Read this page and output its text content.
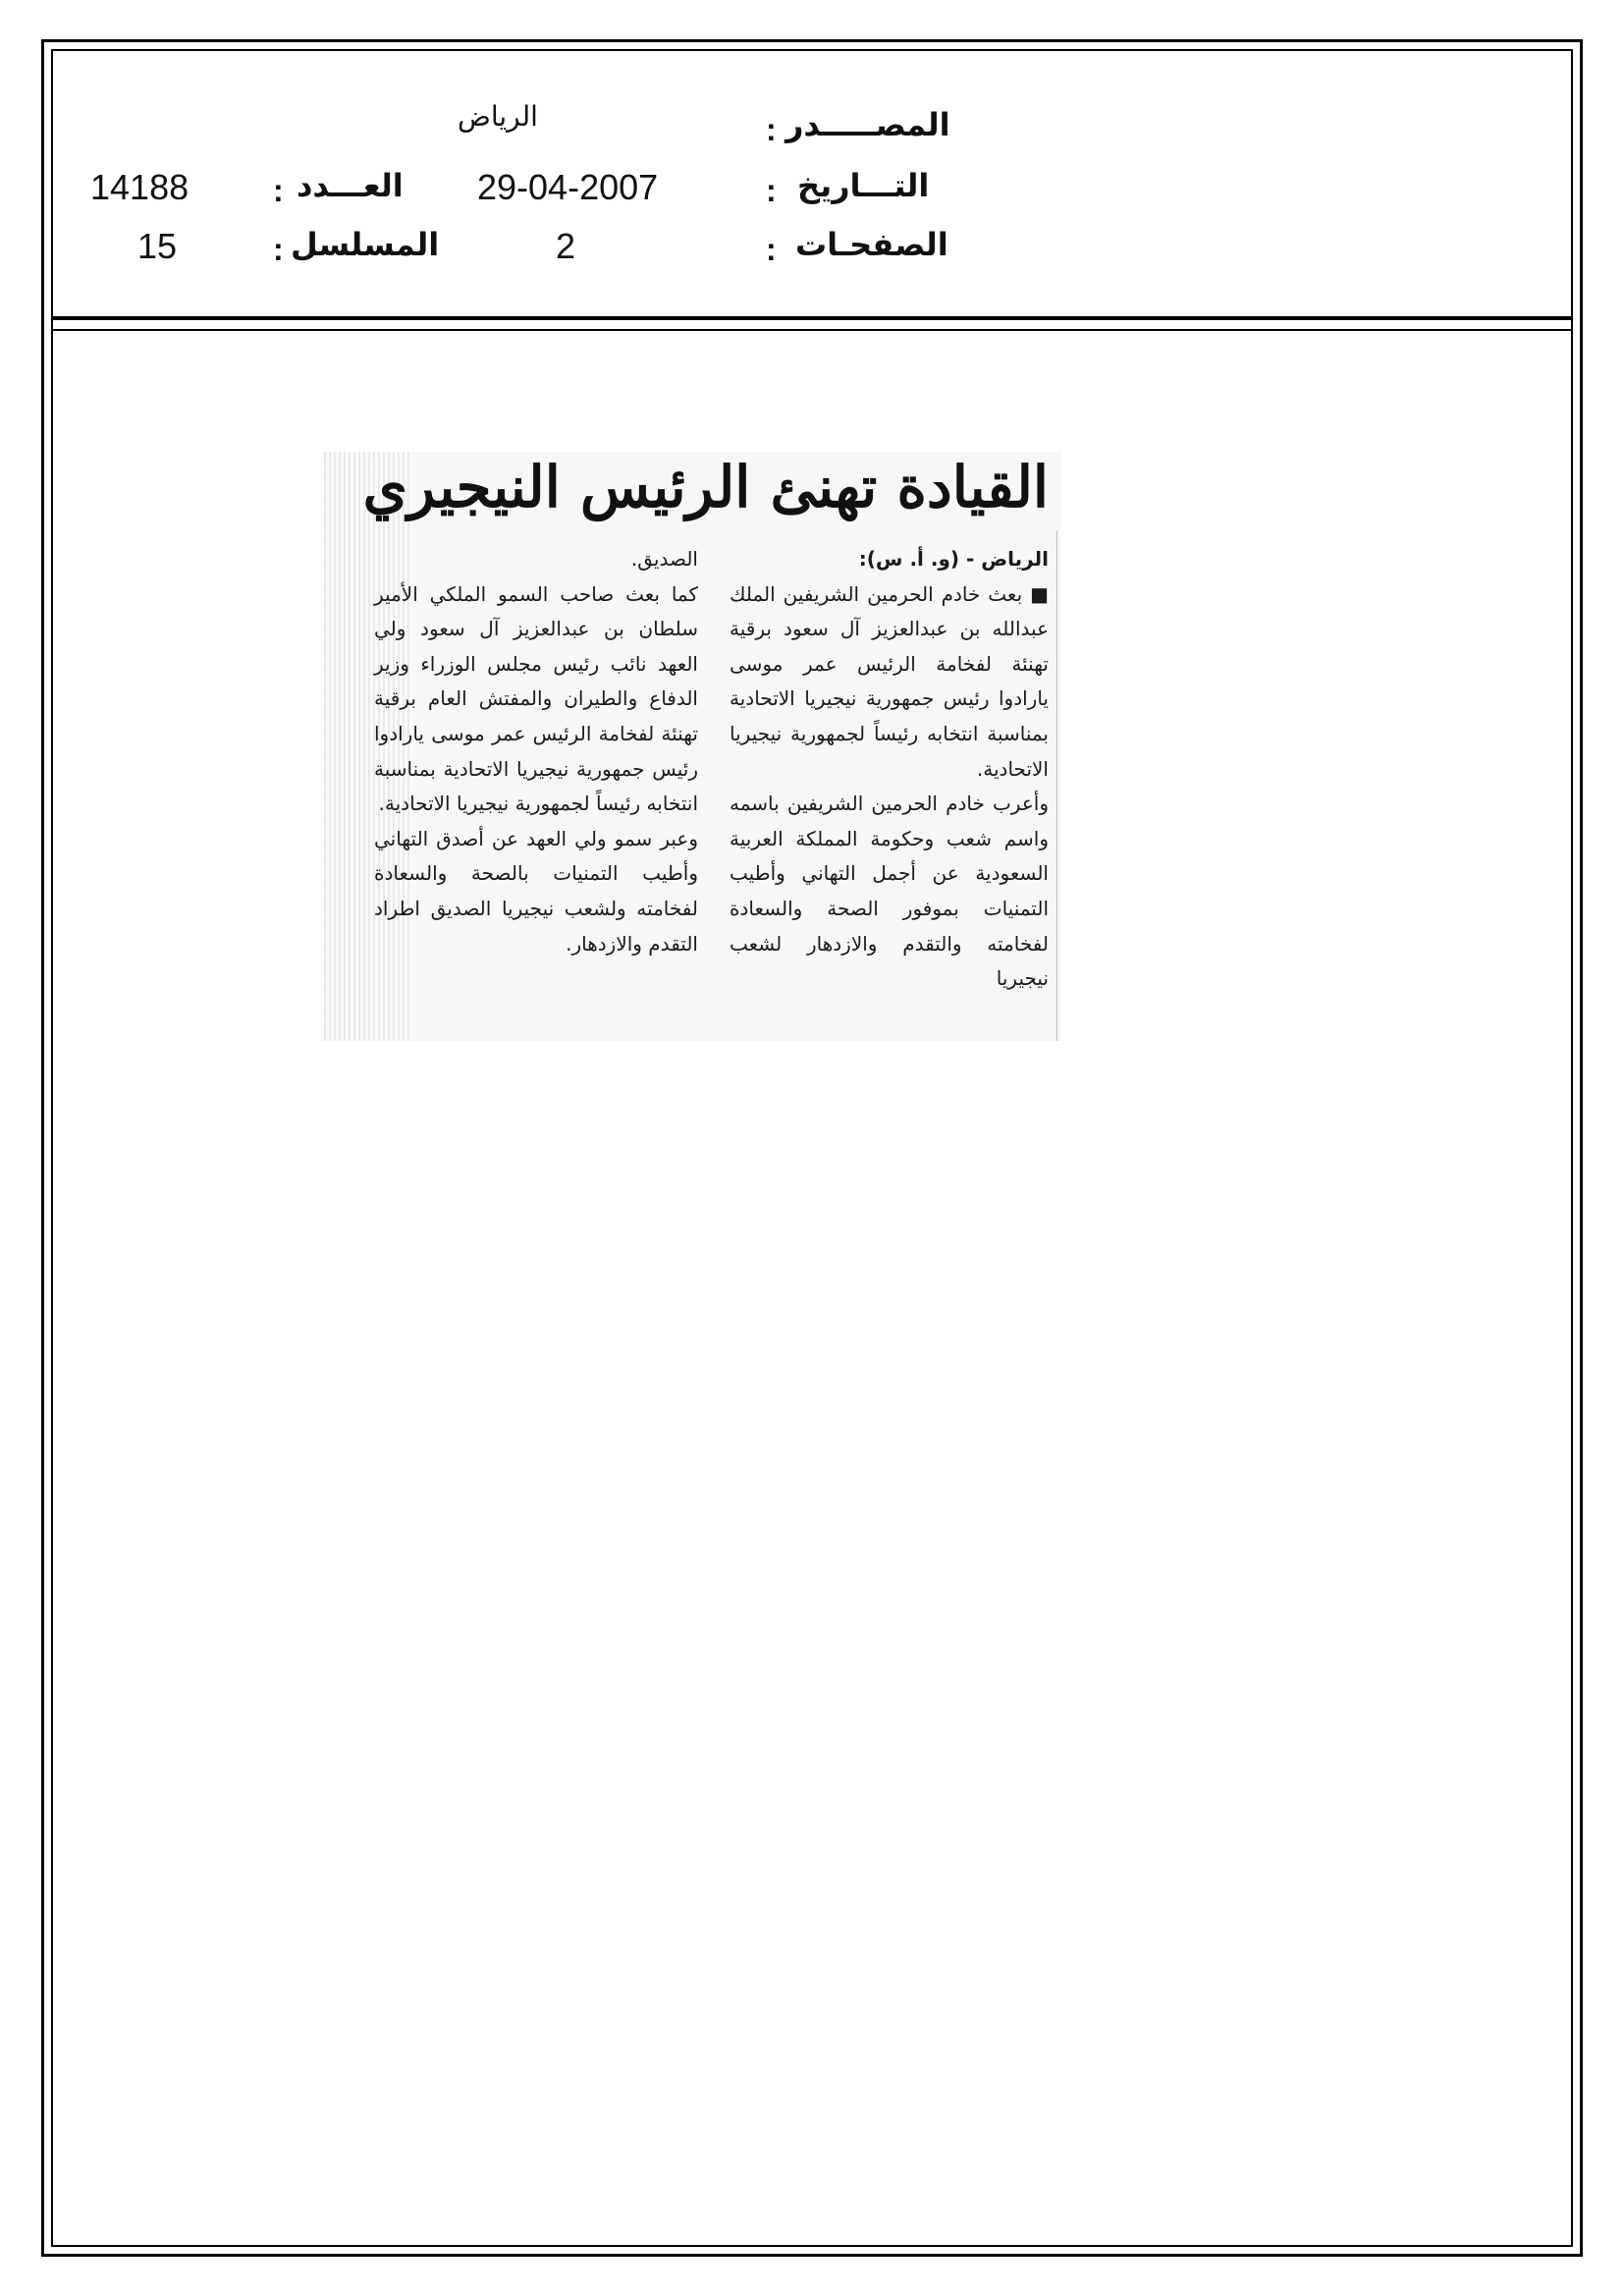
المصـــــدر
:
الرياض
التـــاريخ
:
29-04-2007
العـــدد
:
14188
الصفحـات
:
2
المسلسل
:
15
القيادة تهنئ الرئيس النيجيري

الرياض - (و. أ. س):

■ بعث خادم الحرمين الشريفين الملك عبدالله بن عبدالعزيز آل سعود برقية تهنئة لفخامة الرئيس عمر موسى يارادوا رئيس جمهورية نيجيريا الاتحادية بمناسبة انتخابه رئيساً لجمهورية نيجيريا الاتحادية.

وأعرب خادم الحرمين الشريفين باسمه واسم شعب وحكومة المملكة العربية السعودية عن أجمل التهاني وأطيب التمنيات بموفور الصحة والسعادة لفخامته والتقدم والازدهار لشعب نيجيريا

الصديق.

كما بعث صاحب السمو الملكي الأمير سلطان بن عبدالعزيز آل سعود ولي العهد نائب رئيس مجلس الوزراء وزير الدفاع والطيران والمفتش العام برقية تهنئة لفخامة الرئيس عمر موسى يارادوا رئيس جمهورية نيجيريا الاتحادية بمناسبة انتخابه رئيساً لجمهورية نيجيريا الاتحادية.

وعبر سمو ولي العهد عن أصدق التهاني وأطيب التمنيات بالصحة والسعادة لفخامته ولشعب نيجيريا الصديق اطراد التقدم والازدهار.
